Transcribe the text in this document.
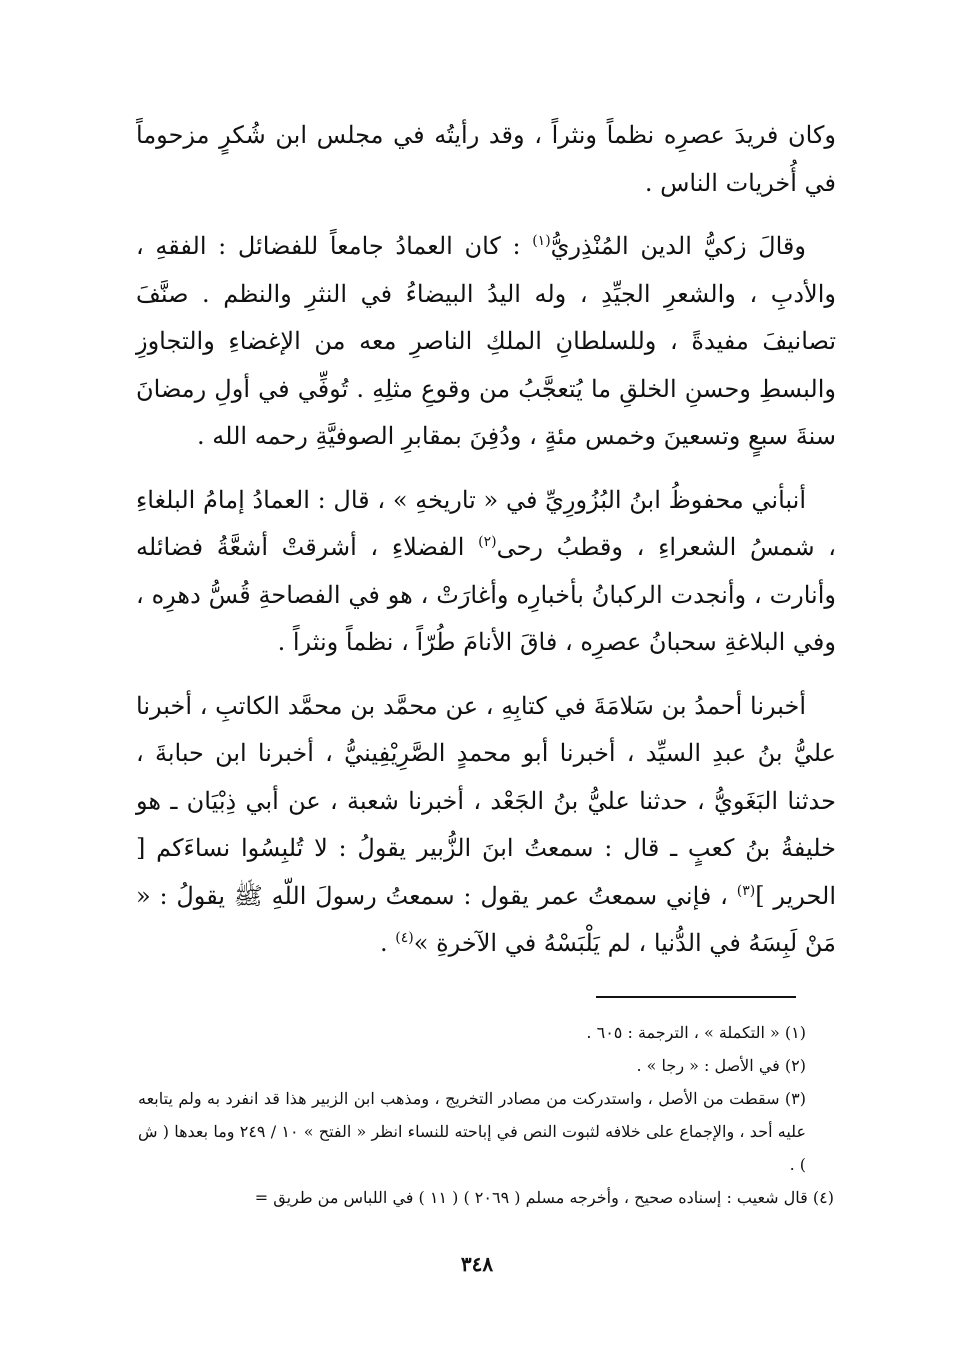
وكان فريدَ عصرِه نظماً ونثراً ، وقد رأيتُه في مجلس ابن شُكرٍ مزحوماً في أُخريات الناس .

وقالَ زكيُّ الدين المُنْذِريُّ$^{(١)}$ : كان العمادُ جامعاً للفضائل : الفقهِ ، والأدبِ ، والشعرِ الجيِّدِ ، وله اليدُ البيضاءُ في النثرِ والنظم . صنَّفَ تصانيفَ مفيدةً ، وللسلطانِ الملكِ الناصرِ معه من الإغضاءِ والتجاوزِ والبسطِ وحسنِ الخلقِ ما يُتعجَّبُ من وقوعِ مثلِهِ . تُوفِّي في أولِ رمضانَ سنةَ سبعٍ وتسعينَ وخمس مئةٍ ، ودُفِنَ بمقابرِ الصوفيَّةِ رحمه الله .

أنبأني محفوظُ ابنُ البُزُورِيِّ في « تاريخهِ » ، قال : العمادُ إمامُ البلغاءِ ، شمسُ الشعراءِ ، وقطبُ رحى$^{(٢)}$ الفضلاءِ ، أشرقتْ أشعَّةُ فضائله وأنارت ، وأنجدت الركبانُ بأخبارِه وأغارَتْ ، هو في الفصاحةِ قُسُّ دهرِه ، وفي البلاغةِ سحبانُ عصرِه ، فاقَ الأنامَ طُرّاً ، نظماً ونثراً .

أخبرنا أحمدُ بن سَلامَةَ في كتابِهِ ، عن محمَّد بن محمَّد الكاتبِ ، أخبرنا عليُّ بنُ عبدِ السيِّد ، أخبرنا أبو محمدٍ الصَّرِيْفِينيُّ ، أخبرنا ابن حبابةَ ، حدثنا البَغَويُّ ، حدثنا عليُّ بنُ الجَعْد ، أخبرنا شعبة ، عن أبي ذِبْيَان ـ هو خليفةُ بنُ كعبٍ ـ قال : سمعتُ ابنَ الزُّبير يقولُ : لا تُلبِسُوا نساءَكم [ الحرير ]$^{(٣)}$ ، فإني سمعتُ عمر يقول : سمعتُ رسولَ اللّهِ ﷺ يقولُ : « مَنْ لَبِسَهُ في الدُّنيا ، لم يَلْبَسْهُ في الآخرةِ »$^{(٤)}$ .

(١) « التكملة » ، الترجمة : ٦٠٥ .

(٢) في الأصل : « رجا » .

(٣) سقطت من الأصل ، واستدركت من مصادر التخريج ، ومذهب ابن الزبير هذا قد انفرد به ولم يتابعه عليه أحد ، والإجماع على خلافه لثبوت النص في إباحته للنساء انظر « الفتح » ١٠ / ٢٤٩ وما بعدها ( ش ) .

(٤) قال شعيب : إسناده صحيح ، وأخرجه مسلم ( ٢٠٦٩ ) ( ١١ ) في اللباس من طريق =

٣٤٨
